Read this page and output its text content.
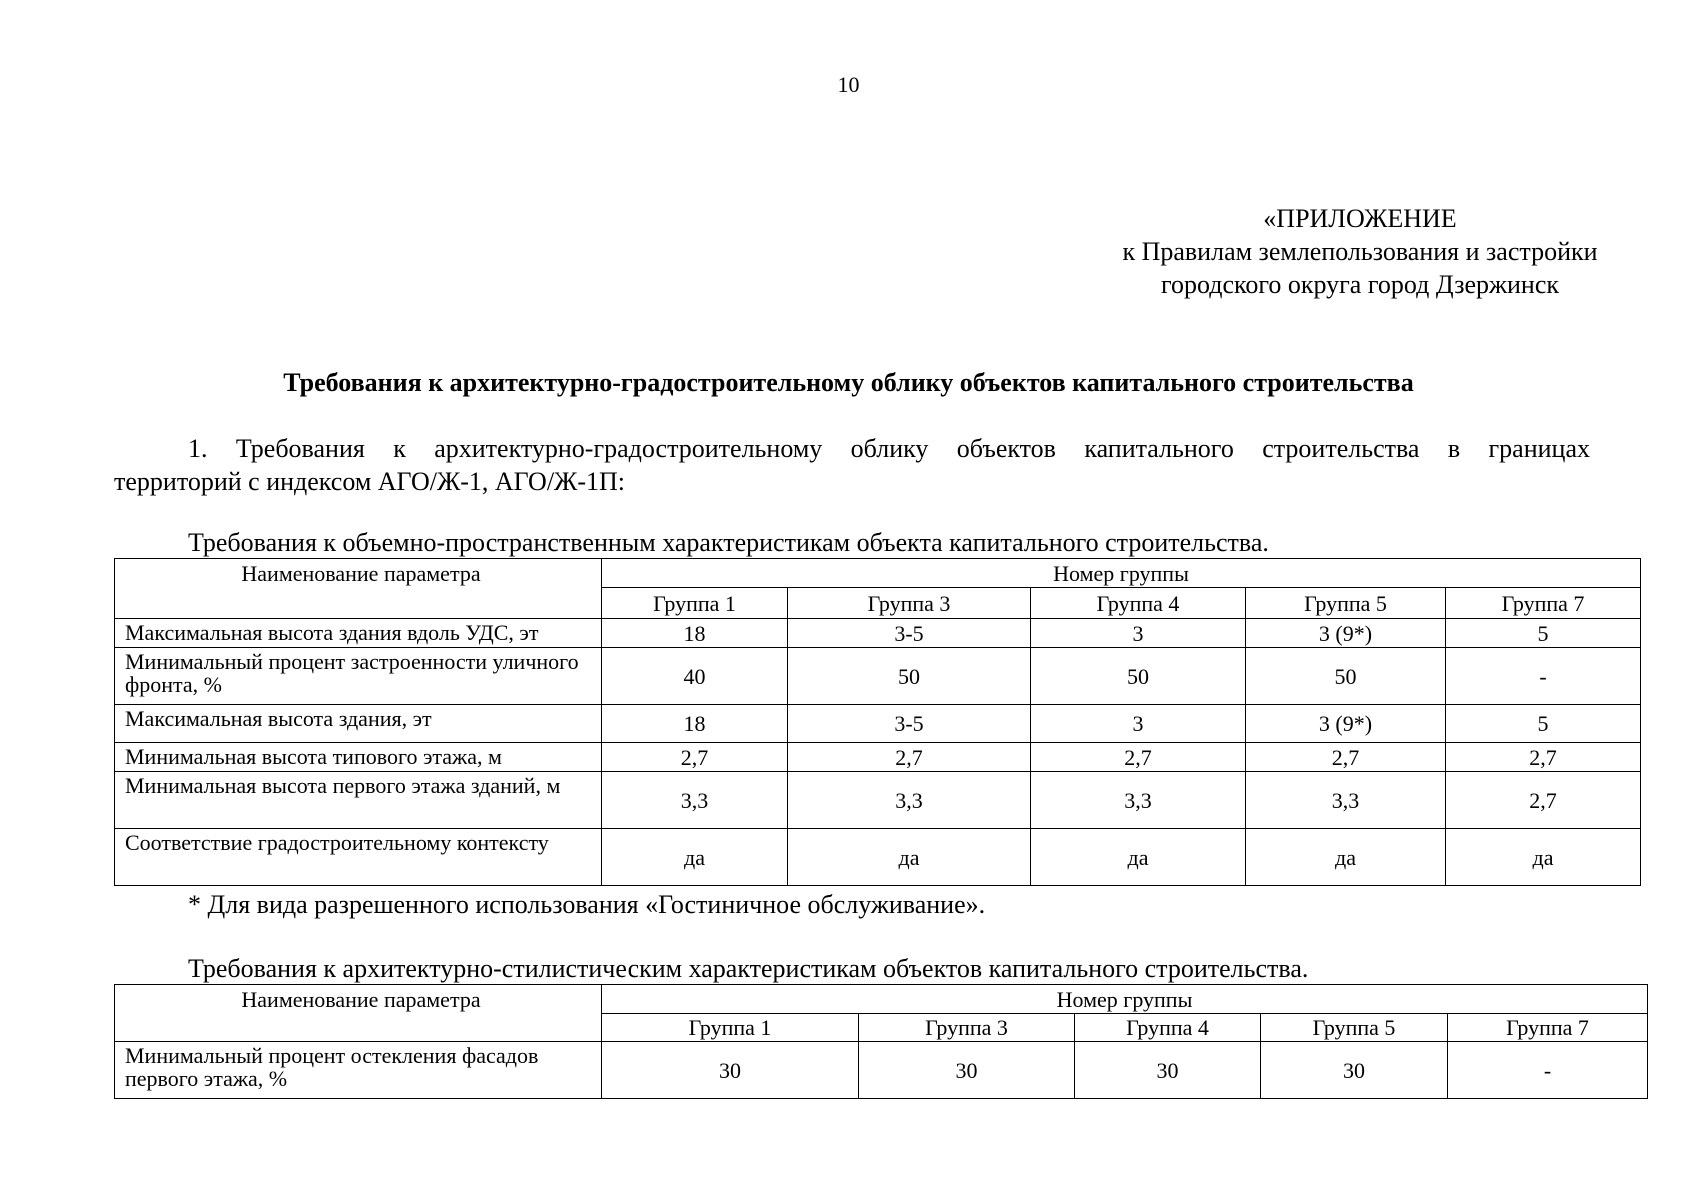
10
«ПРИЛОЖЕНИЕ
к Правилам землепользования и застройки
городского округа город Дзержинск
Требования к архитектурно-градостроительному облику объектов капитального строительства
1. Требования к архитектурно-градостроительному облику объектов капитального строительства в границах
территорий с индексом АГО/Ж-1, АГО/Ж-1П:
Требования к объемно-пространственным характеристикам объекта капитального строительства.
Наименование параметра	Номер группы				
	Группа 1	Группа 3	Группа 4	Группа 5	Группа 7
Максимальная высота здания вдоль УДС, эт	18	3-5	3	3 (9*)	5
Минимальный процент застроенности уличного фронта, %	40	50	50	50	-
Максимальная высота здания, эт	18	3-5	3	3 (9*)	5
Минимальная высота типового этажа, м	2,7	2,7	2,7	2,7	2,7
Минимальная высота первого этажа зданий, м	3,3	3,3	3,3	3,3	2,7
Соответствие градостроительному контексту	да	да	да	да	да
* Для вида разрешенного использования «Гостиничное обслуживание».
Требования к архитектурно-стилистическим характеристикам объектов капитального строительства.
Наименование параметра	Номер группы				
	Группа 1	Группа 3	Группа 4	Группа 5	Группа 7
Минимальный процент остекления фасадов первого этажа, %	30	30	30	30	-
